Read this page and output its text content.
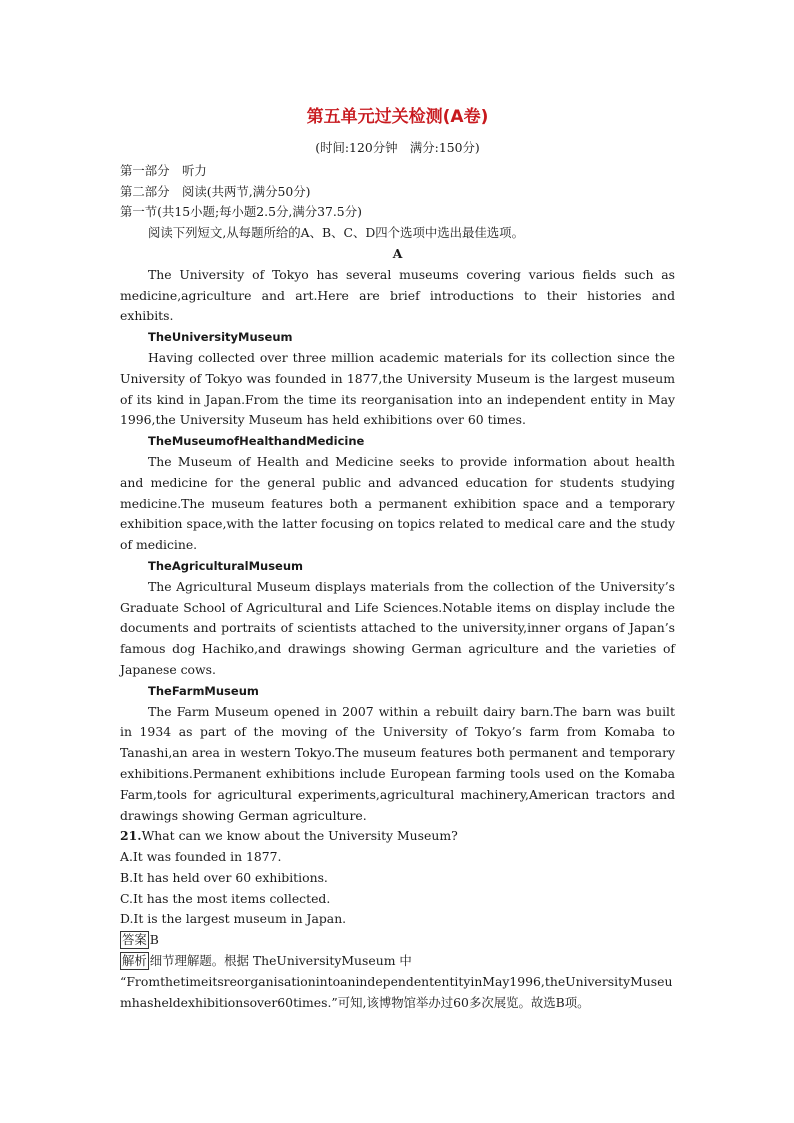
第五单元过关检测(A卷)
(时间:120分钟　满分:150分)
第一部分　听力
第二部分　阅读(共两节,满分50分)
第一节(共15小题;每小题2.5分,满分37.5分)
阅读下列短文,从每题所给的A、B、C、D四个选项中选出最佳选项。
A
The University of Tokyo has several museums covering various fields such as medicine,agriculture and art.Here are brief introductions to their histories and exhibits.
TheUniversityMuseum
Having collected over three million academic materials for its collection since the University of Tokyo was founded in 1877,the University Museum is the largest museum of its kind in Japan.From the time its reorganisation into an independent entity in May 1996,the University Museum has held exhibitions over 60 times.
TheMuseumofHealthandMedicine
The Museum of Health and Medicine seeks to provide information about health and medicine for the general public and advanced education for students studying medicine.The museum features both a permanent exhibition space and a temporary exhibition space,with the latter focusing on topics related to medical care and the study of medicine.
TheAgriculturalMuseum
The Agricultural Museum displays materials from the collection of the University’s Graduate School of Agricultural and Life Sciences.Notable items on display include the documents and portraits of scientists attached to the university,inner organs of Japan’s famous dog Hachiko,and drawings showing German agriculture and the varieties of Japanese cows.
TheFarmMuseum
The Farm Museum opened in 2007 within a rebuilt dairy barn.The barn was built in 1934 as part of the moving of the University of Tokyo’s farm from Komaba to Tanashi,an area in western Tokyo.The museum features both permanent and temporary exhibitions.Permanent exhibitions include European farming tools used on the Komaba Farm,tools for agricultural experiments,agricultural machinery,American tractors and drawings showing German agriculture.
21.What can we know about the University Museum?
A.It was founded in 1877.
B.It has held over 60 exhibitions.
C.It has the most items collected.
D.It is the largest museum in Japan.
答案 B
解析 细节理解题。根据 TheUniversityMuseum 中
“FromthetimeitsreorganisationintoanindependententityinMay1996,theUniversityMuseumhasheldexhibitionsover60times.”可知,该博物馆举办过60多次展览。故选B项。
